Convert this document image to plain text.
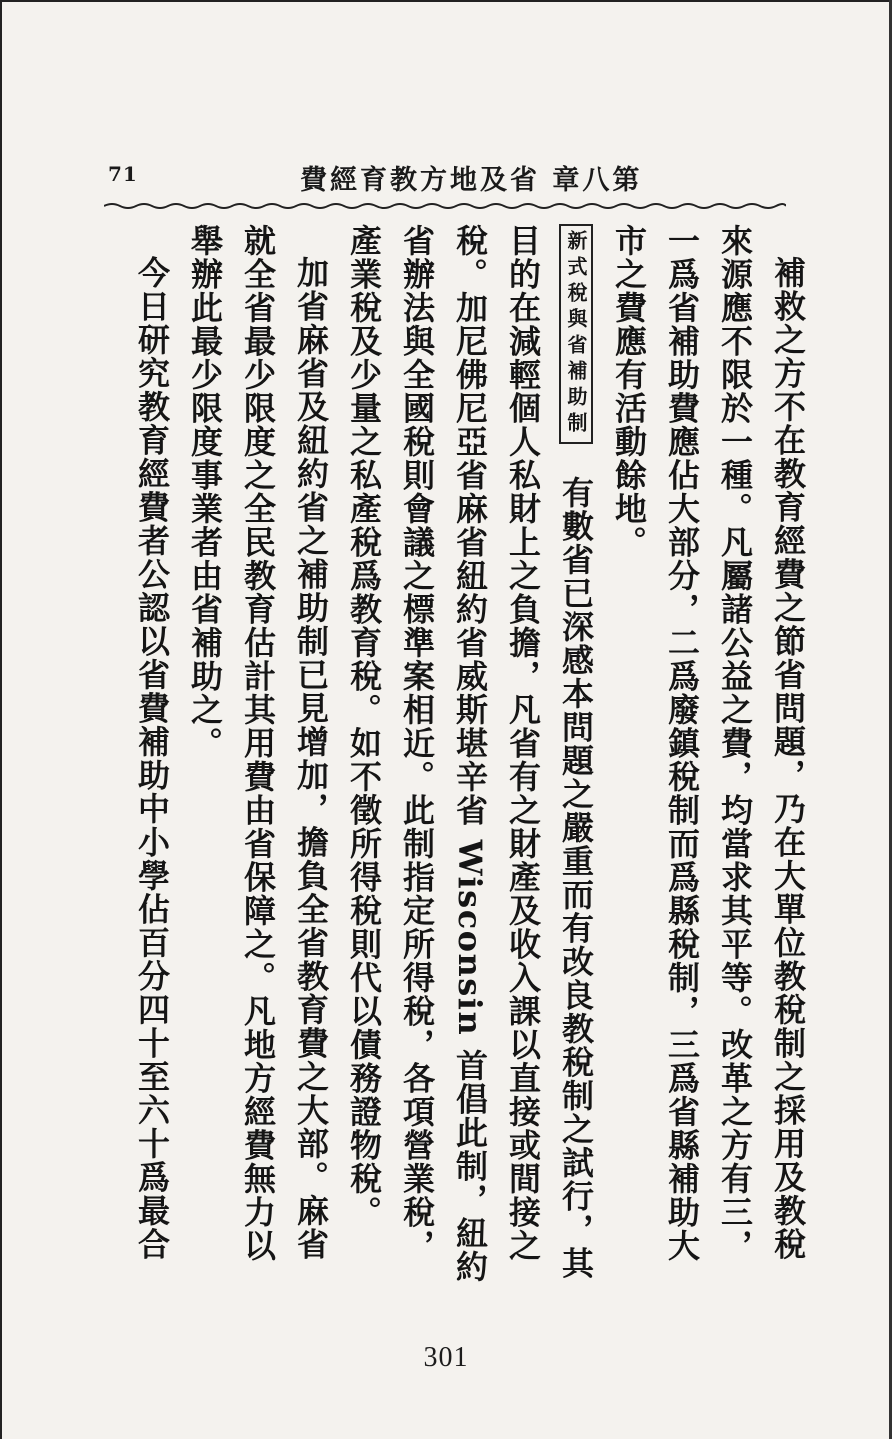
71	第八章 省及地方教育經費

補救之方不在教育經費之節省問題，乃在大單位教稅制之採用及教稅來源應不限於一種。凡屬諸公益之費，均當求其平等。改革之方有三，一爲省補助費應佔大部分，二爲廢鎮稅制而爲縣稅制，三爲省縣補助大市之費應有活動餘地。

新式稅與省補助制有數省已深感本問題之嚴重而有改良教稅制之試行，其目的在減輕個人私財上之負擔，凡省有之財產及收入課以直接或間接之稅。加尼佛尼亞省麻省紐約省威斯堪辛省 Wisconsin 首倡此制，紐約省辦法與全國稅則會議之標準案相近。此制指定所得稅，各項營業稅，產業稅及少量之私產稅爲教育稅。如不徵所得稅則代以債務證物稅。

加省麻省及紐約省之補助制已見增加，擔負全省教育費之大部。麻省就全省最少限度之全民教育估計其用費由省保障之。凡地方經費無力以舉辦此最少限度事業者由省補助之。

今日研究教育經費者公認以省費補助中小學佔百分四十至六十爲最合

301
